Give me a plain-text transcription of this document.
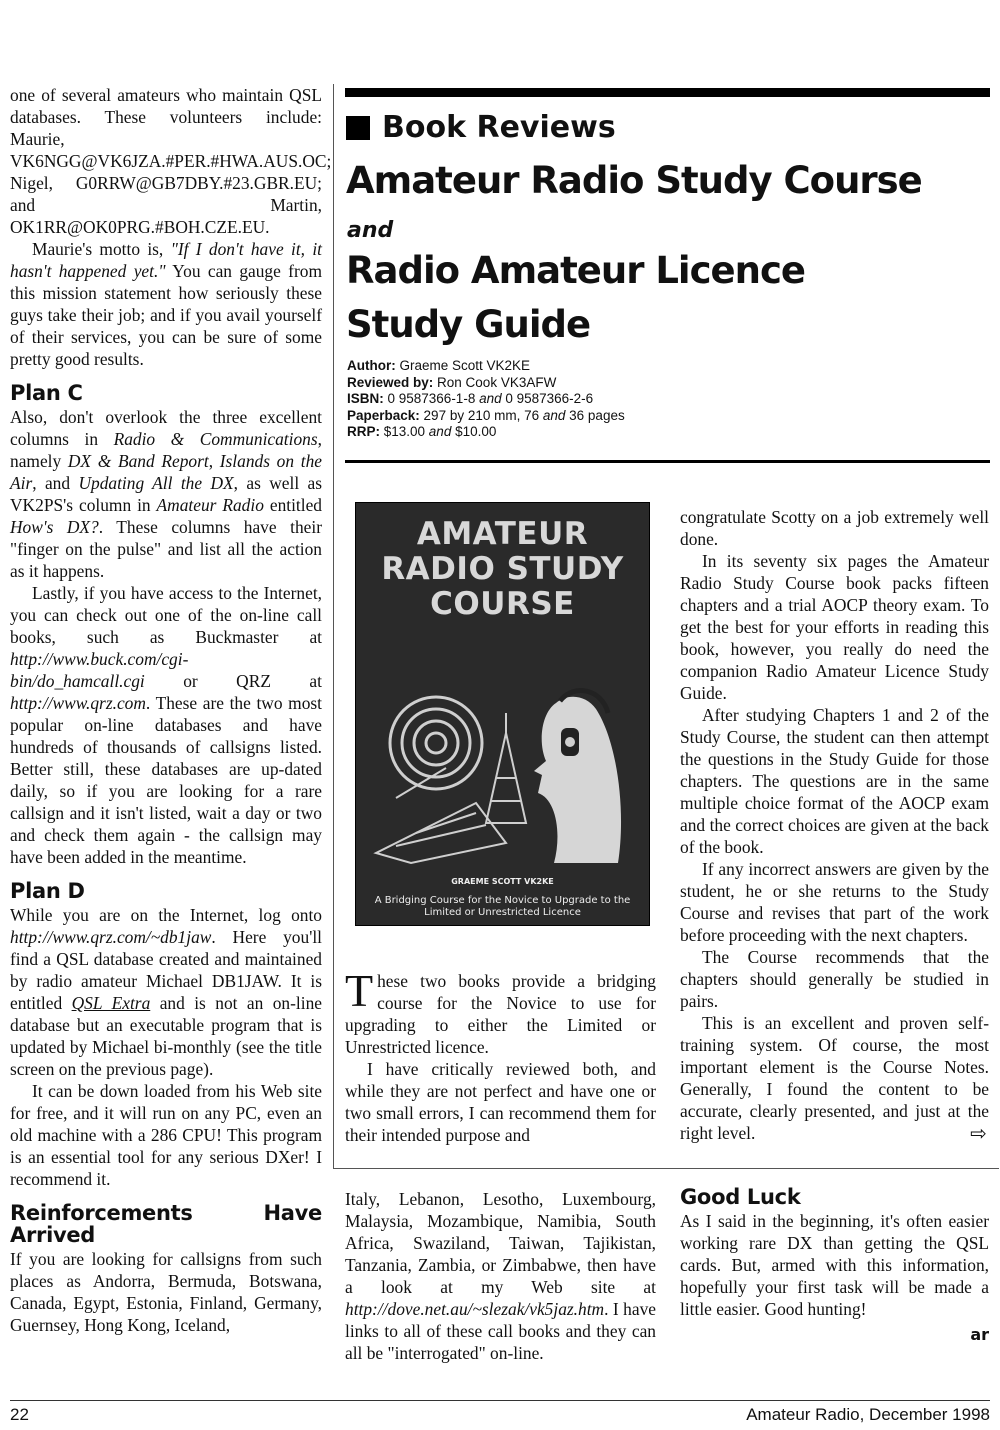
one of several amateurs who maintain QSL databases. These volunteers include: Maurie, VK6NGG@VK6JZA.#PER.#HWA.AUS.OC; Nigel, G0RRW@GB7DBY.#23.GBR.EU; and Martin, OK1RR@OK0PRG.#BOH.CZE.EU.

Maurie's motto is, "If I don't have it, it hasn't happened yet." You can gauge from this mission statement how seriously these guys take their job; and if you avail yourself of their services, you can be sure of some pretty good results.

Plan C

Also, don't overlook the three excellent columns in Radio & Communications, namely DX & Band Report, Islands on the Air, and Updating All the DX, as well as VK2PS's column in Amateur Radio entitled How's DX?. These columns have their "finger on the pulse" and list all the action as it happens.

Lastly, if you have access to the Internet, you can check out one of the on-line call books, such as Buckmaster at http://www.buck.com/cgi-bin/do_hamcall.cgi or QRZ at http://www.qrz.com. These are the two most popular on-line databases and have hundreds of thousands of callsigns listed. Better still, these databases are up-dated daily, so if you are looking for a rare callsign and it isn't listed, wait a day or two and check them again - the callsign may have been added in the meantime.

Plan D

While you are on the Internet, log onto http://www.qrz.com/~db1jaw. Here you'll find a QSL database created and maintained by radio amateur Michael DB1JAW. It is entitled QSL Extra and is not an on-line database but an executable program that is updated by Michael bi-monthly (see the title screen on the previous page).

It can be down loaded from his Web site for free, and it will run on any PC, even an old machine with a 286 CPU! This program is an essential tool for any serious DXer! I recommend it.

Reinforcements Have Arrived

If you are looking for callsigns from such places as Andorra, Bermuda, Botswana, Canada, Egypt, Estonia, Finland, Germany, Guernsey, Hong Kong, Iceland,

Book Reviews
Amateur Radio Study Course
and
Radio Amateur Licence
Study Guide
Author: Graeme Scott VK2KE
Reviewed by: Ron Cook VK3AFW
ISBN: 0 9587366-1-8 and 0 9587366-2-6
Paperback: 297 by 210 mm, 76 and 36 pages
RRP: $13.00 and $10.00
AMATEUR RADIO STUDY COURSE
GRAEME SCOTT VK2KE
A Bridging Course for the Novice to Upgrade to the Limited or Unrestricted Licence

These two books provide a bridging course for the Novice to use for upgrading to either the Limited or Unrestricted licence.

I have critically reviewed both, and while they are not perfect and have one or two small errors, I can recommend them for their intended purpose and

congratulate Scotty on a job extremely well done.

In its seventy six pages the Amateur Radio Study Course book packs fifteen chapters and a trial AOCP theory exam. To get the best for your efforts in reading this book, however, you really do need the companion Radio Amateur Licence Study Guide.

After studying Chapters 1 and 2 of the Study Course, the student can then attempt the questions in the Study Guide for those chapters. The questions are in the same multiple choice format of the AOCP exam and the correct choices are given at the back of the book.

If any incorrect answers are given by the student, he or she returns to the Study Course and revises that part of the work before proceeding with the next chapters.

The Course recommends that the chapters should generally be studied in pairs.

This is an excellent and proven self-training system. Of course, the most important element is the Course Notes. Generally, I found the content to be accurate, clearly presented, and just at the right level.	⇨

Italy, Lebanon, Lesotho, Luxembourg, Malaysia, Mozambique, Namibia, South Africa, Swaziland, Taiwan, Tajikistan, Tanzania, Zambia, or Zimbabwe, then have a look at my Web site at http://dove.net.au/~slezak/vk5jaz.htm. I have links to all of these call books and they can all be "interrogated" on-line.

Good Luck

As I said in the beginning, it's often easier working rare DX than getting the QSL cards. But, armed with this information, hopefully your first task will be made a little easier. Good hunting!

ar
22	Amateur Radio, December 1998
